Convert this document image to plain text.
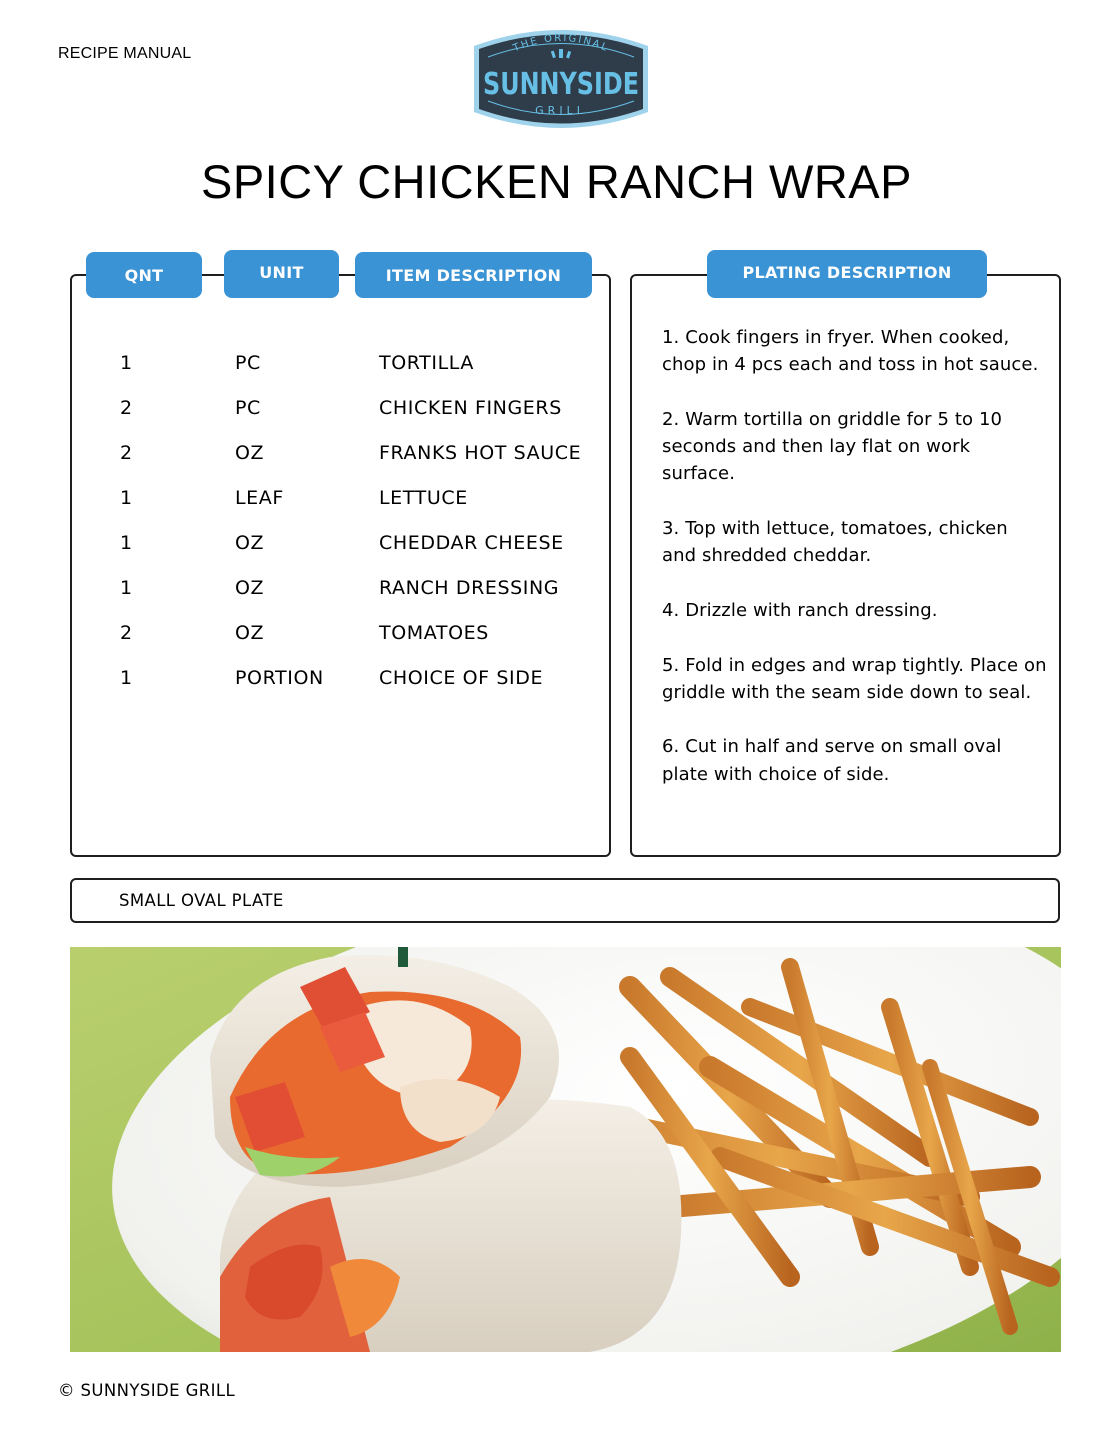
RECIPE MANUAL	THE ORIGINAL
SUNNYSIDE
GRILL
SPICY CHICKEN RANCH WRAP
QNT	UNIT	ITEM DESCRIPTION
1	PC	TORTILLA
2	PC	CHICKEN FINGERS
2	OZ	FRANKS HOT SAUCE
1	LEAF	LETTUCE
1	OZ	CHEDDAR CHEESE
1	OZ	RANCH DRESSING
2	OZ	TOMATOES
1	PORTION	CHOICE OF SIDE
PLATING DESCRIPTION

1. Cook fingers in fryer. When cooked, chop in 4 pcs each and toss in hot sauce.

2. Warm tortilla on griddle for 5 to 10 seconds and then lay flat on work surface.

3. Top with lettuce, tomatoes, chicken and shredded cheddar.

4. Drizzle with ranch dressing.

5. Fold in edges and wrap tightly. Place on griddle with the seam side down to seal.

6. Cut in half and serve on small oval plate with choice of side.

SMALL OVAL PLATE
© SUNNYSIDE GRILL
